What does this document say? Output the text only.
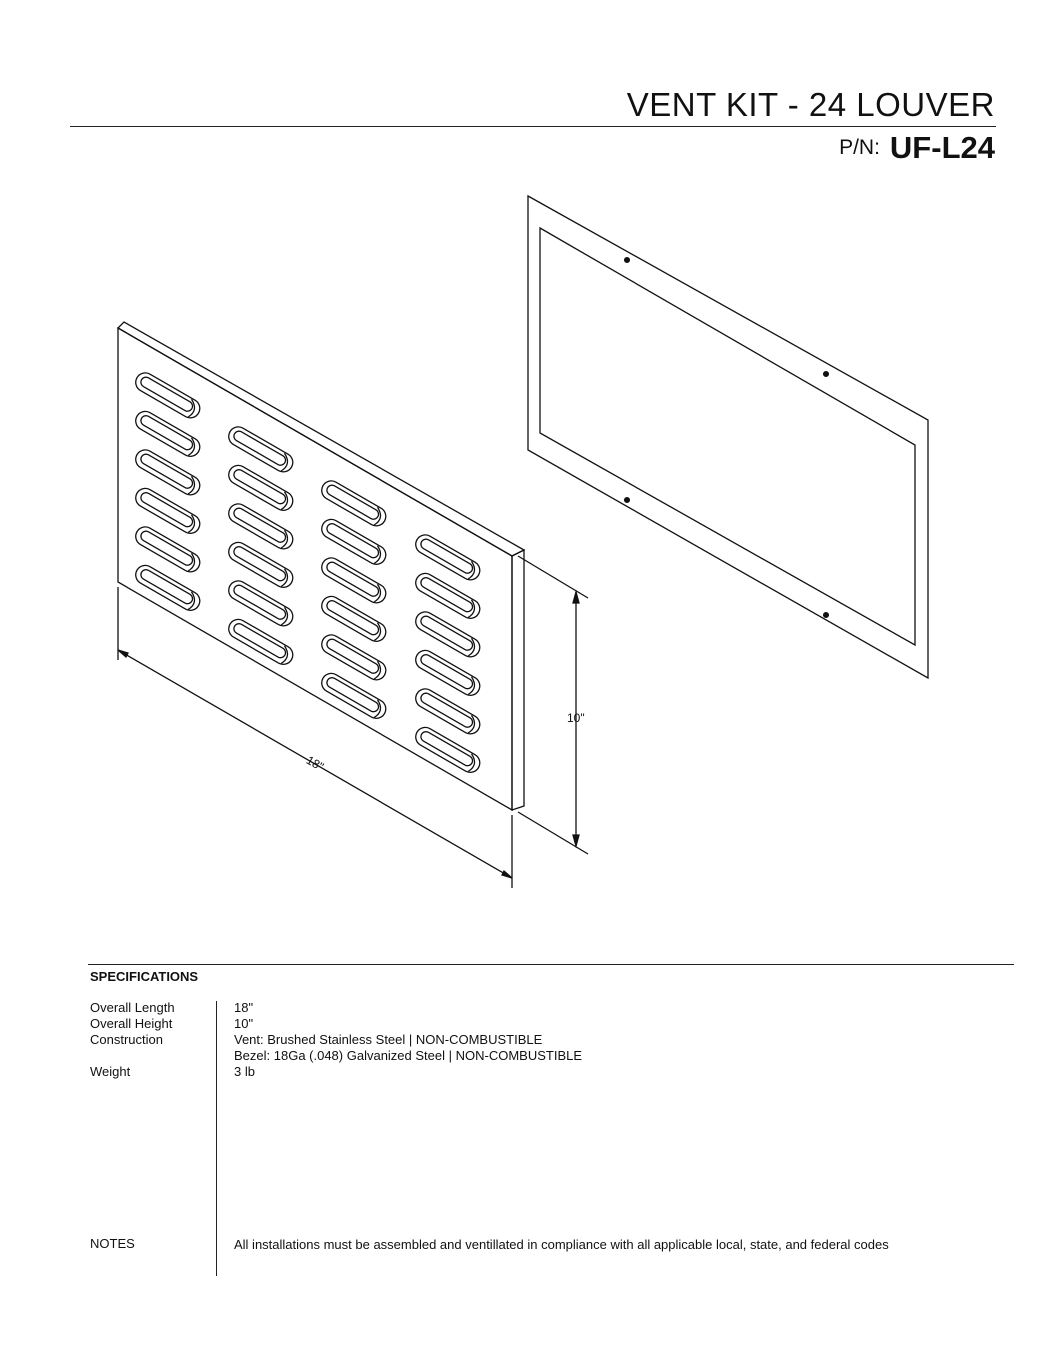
VENT KIT - 24 LOUVER
P/N: UF-L24
18"
10"
SPECIFICATIONS
Overall Length
Overall Height
Construction
Weight
18"
10"
Vent: Brushed Stainless Steel | NON-COMBUSTIBLE
Bezel: 18Ga (.048) Galvanized Steel | NON-COMBUSTIBLE
3 lb
NOTES	All installations must be assembled and ventillated in compliance with all applicable local, state, and federal codes
